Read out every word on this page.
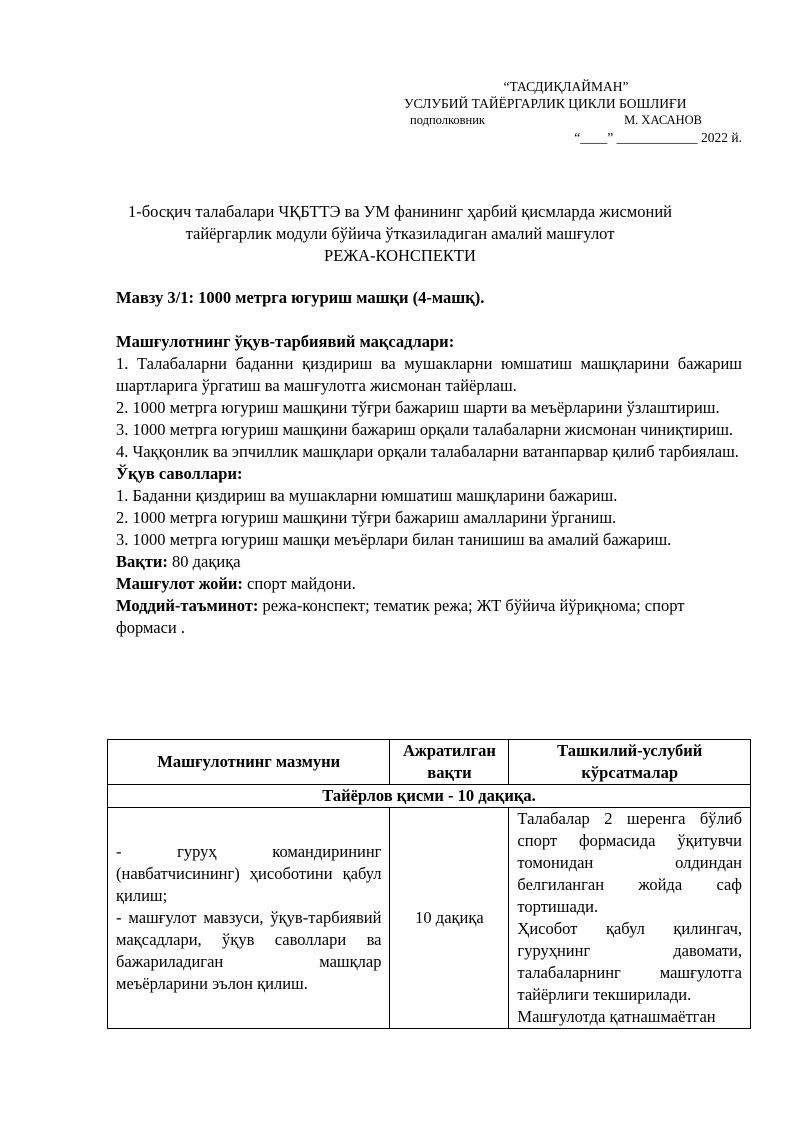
“ТАСДИҚЛАЙМАН”
УСЛУБИЙ ТАЙЁРГАРЛИК ЦИКЛИ БОШЛИҒИ
подполковник	М. ХАСАНОВ
“____” ____________ 2022 й.
1-босқич талабалари ЧҚБТТЭ ва УМ фанининг ҳарбий қисмларда жисмоний
тайёргарлик модули бўйича ўтказиладиган амалий машғулот
РЕЖА-КОНСПЕКТИ
Мавзу 3/1: 1000 метрга югуриш машқи (4-машқ).
Машғулотнинг ўқув-тарбиявий мақсадлари:

1. Талабаларни баданни қиздириш ва мушакларни юмшатиш машқларини бажариш шартларига ўргатиш ва машғулотга жисмонан тайёрлаш.

2. 1000 метрга югуриш машқини тўғри бажариш шарти ва меъёрларини ўзлаштириш.

3. 1000 метрга югуриш машқини бажариш орқали талабаларни жисмонан чиниқтириш.

4. Чаққонлик ва эпчиллик машқлари орқали талабаларни ватанпарвар қилиб тарбиялаш.

Ўқув саволлари:

1. Баданни қиздириш ва мушакларни юмшатиш машқларини бажариш.

2. 1000 метрга югуриш машқини тўғри бажариш амалларини ўрганиш.

3. 1000 метрга югуриш машқи меъёрлари билан танишиш ва амалий бажариш.

Вақти: 80 дақиқа
Машғулот жойи: спорт майдони.
Моддий-таъминот: режа-конспект; тематик режа; ЖТ бўйича йўриқнома; спорт формаси .
Машғулотнинг мазмуни	Ажратилган вақти	Ташкилий-услубий кўрсатмалар
Тайёрлов қисми - 10 дақиқа.		
- гуруҳ командирининг (навбатчисининг) ҳисоботини қабул қилиш;
- машғулот мавзуси, ўқув-тарбиявий мақсадлари, ўқув саволлари ва бажариладиган машқлар меъёрларини эълон қилиш.	10 дақиқа	Талабалар 2 шеренга бўлиб спорт формасида ўқитувчи томонидан олдиндан белгиланган жойда саф тортишади.
Ҳисобот қабул қилингач, гуруҳнинг давомати, талабаларнинг машғулотга тайёрлиги текширилади.
Машғулотда қатнашмаётган
